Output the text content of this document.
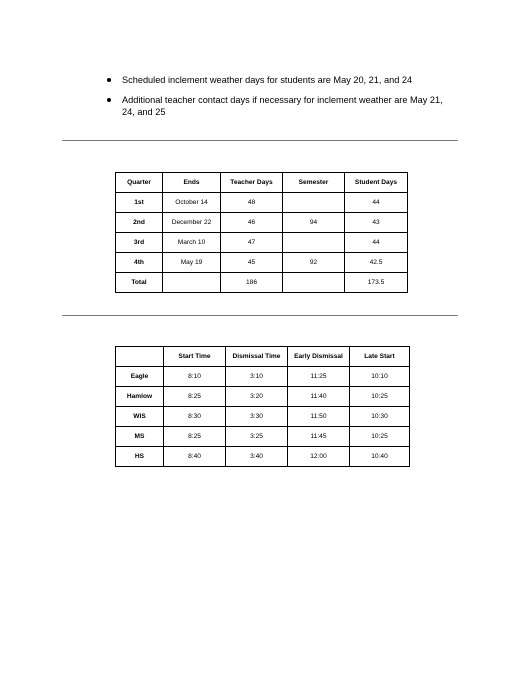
Scheduled inclement weather days for students are May 20, 21, and 24
Additional teacher contact days if necessary for inclement weather are May 21, 24, and 25
Quarter	Ends	Teacher Days	Semester	Student Days
1st	October 14	48		44
2nd	December 22	46	94	43
3rd	March 10	47		44
4th	May 19	45	92	42.5
Total		186		173.5
	Start Time	Dismissal Time	Early Dismissal	Late Start
Eagle	8:10	3:10	11:25	10:10
Hamlow	8:25	3:20	11:40	10:25
WIS	8:30	3:30	11:50	10:30
MS	8:25	3:25	11:45	10:25
HS	8:40	3:40	12:00	10:40
